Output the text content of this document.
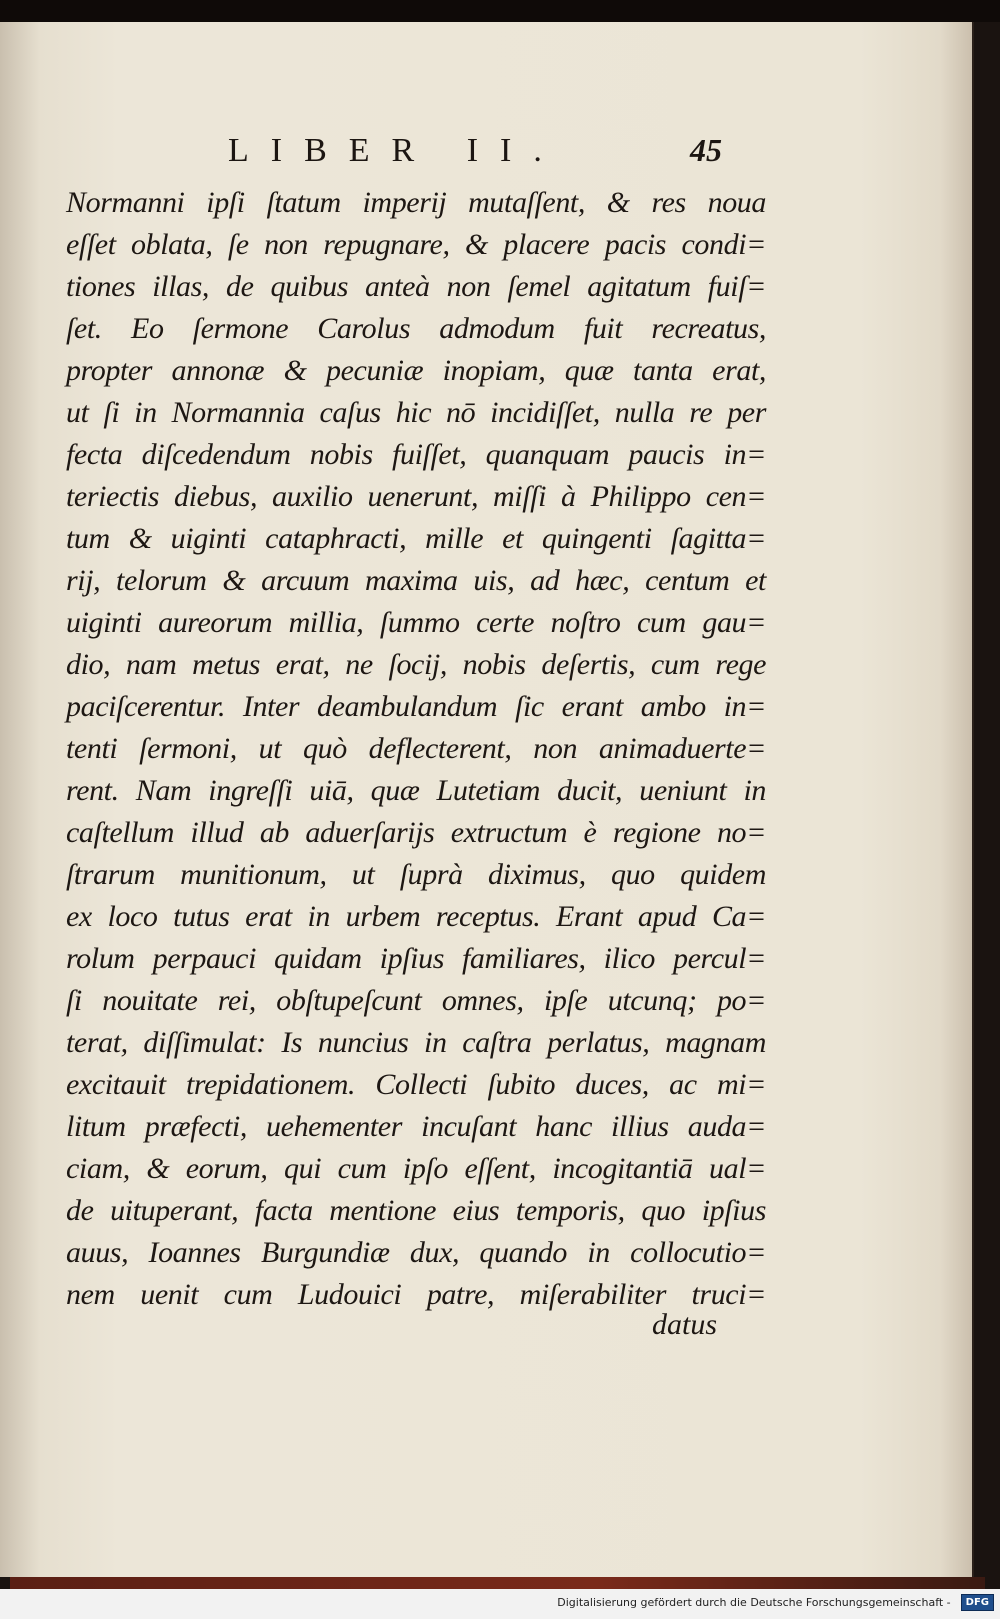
LIBER II.	45
Normanni ipſi ſtatum imperij mutaſſent, & res noua
eſſet oblata, ſe non repugnare, & placere pacis condi=
tiones illas, de quibus anteà non ſemel agitatum fuiſ=
ſet. Eo ſermone Carolus admodum fuit recreatus,
propter annonæ & pecuniæ inopiam, quæ tanta erat,
ut ſi in Normannia caſus hic nō incidiſſet, nulla re per
fecta diſcedendum nobis fuiſſet, quanquam paucis in=
teriectis diebus, auxilio uenerunt, miſſi à Philippo cen=
tum & uiginti cataphracti, mille et quingenti ſagitta=
rij, telorum & arcuum maxima uis, ad hæc, centum et
uiginti aureorum millia, ſummo certe noſtro cum gau=
dio, nam metus erat, ne ſocij, nobis deſertis, cum rege
paciſcerentur. Inter deambulandum ſic erant ambo in=
tenti ſermoni, ut quò deflecterent, non animaduerte=
rent. Nam ingreſſi uiā, quæ Lutetiam ducit, ueniunt in
caſtellum illud ab aduerſarijs extructum è regione no=
ſtrarum munitionum, ut ſuprà diximus, quo quidem
ex loco tutus erat in urbem receptus. Erant apud Ca=
rolum perpauci quidam ipſius familiares, ilico percul=
ſi nouitate rei, obſtupeſcunt omnes, ipſe utcunq; po=
terat, diſſimulat: Is nuncius in caſtra perlatus, magnam
excitauit trepidationem. Collecti ſubito duces, ac mi=
litum præfecti, uehementer incuſant hanc illius auda=
ciam, & eorum, qui cum ipſo eſſent, incogitantiā ual=
de uituperant, facta mentione eius temporis, quo ipſius
auus, Ioannes Burgundiæ dux, quando in collocutio=
nem uenit cum Ludouici patre, miſerabiliter truci=
datus
Digitalisierung gefördert durch die Deutsche Forschungsgemeinschaft -	DFG
